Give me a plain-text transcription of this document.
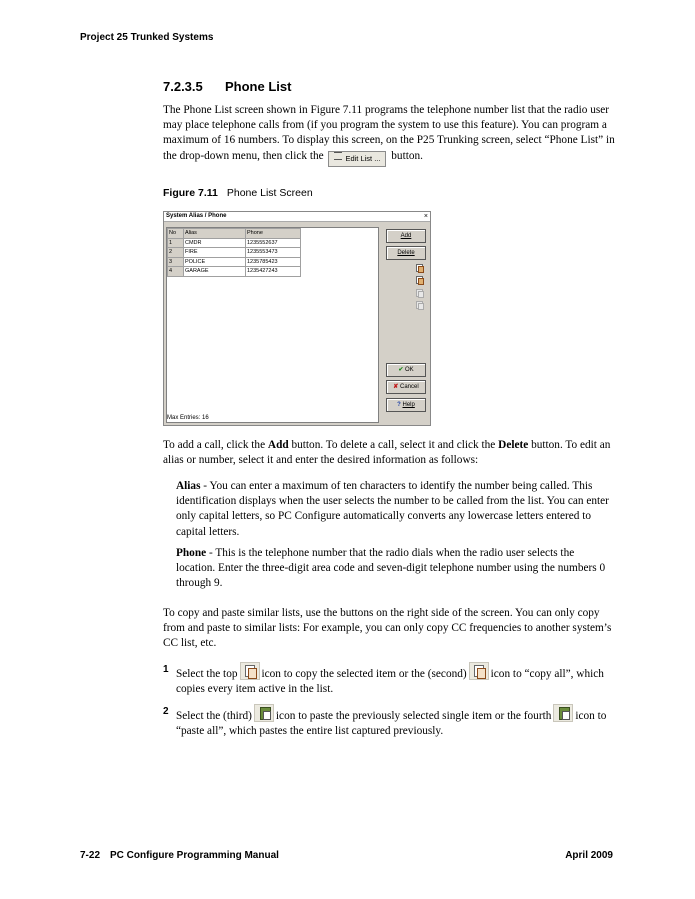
Project 25 Trunked Systems
7.2.3.5 Phone List
The Phone List screen shown in Figure 7.11 programs the telephone number list that the radio user may place telephone calls from (if you program the system to use this feature). You can program a maximum of 16 numbers. To display this screen, on the P25 Trunking screen, select “Phone List” in the drop-down menu, then click the	Edit List ... button.
Figure 7.11 Phone List Screen
System Alias / Phone	×
No	Alias	Phone
1	CMDR	1235552637
2	FIRE	1235553473
3	POLICE	1235785423
4	GARAGE	1235427243
Add
Delete
✔ OK
✘ Cancel
? Help
Max Entries: 16
To add a call, click the Add button. To delete a call, select it and click the Delete button. To edit an alias or number, select it and enter the desired information as follows:
Alias - You can enter a maximum of ten characters to identify the number being called. This identification displays when the user selects the number to be called from the list. You can enter only capital letters, so PC Configure automatically converts any lowercase letters entered to capital letters.
Phone - This is the telephone number that the radio dials when the radio user selects the location. Enter the three-digit area code and seven-digit telephone number using the numbers 0 through 9.
To copy and paste similar lists, use the buttons on the right side of the screen. You can only copy from and paste to similar lists: For example, you can only copy CC frequencies to another system’s CC list, etc.
1 Select the top icon to copy the selected item or the (second) icon to “copy all”, which copies every item active in the list.
2 Select the (third) icon to paste the previously selected single item or the fourth icon to “paste all”, which pastes the entire list captured previously.
7-22 PC Configure Programming Manual	April 2009
